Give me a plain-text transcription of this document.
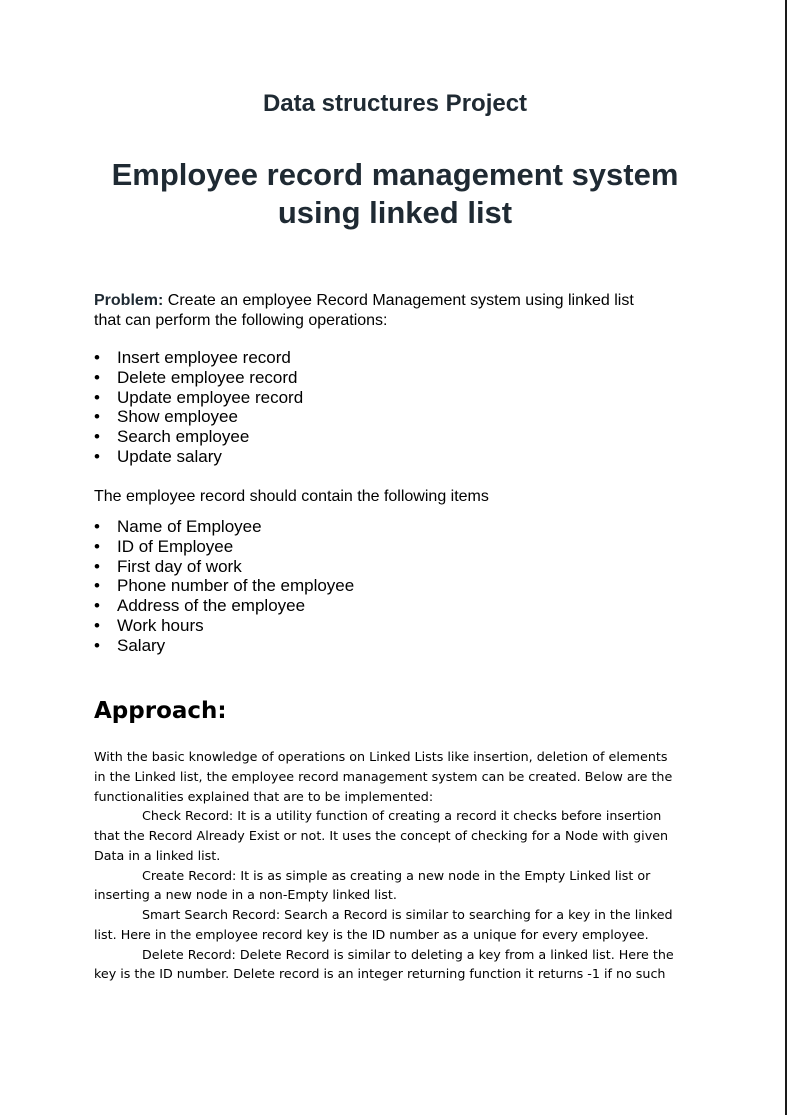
Data structures Project
Employee record management system
using linked list

Problem: Create an employee Record Management system using linked list
that can perform the following operations:

• Insert employee record
• Delete employee record
• Update employee record
• Show employee
• Search employee
• Update salary

The employee record should contain the following items

• Name of Employee
• ID of Employee
• First day of work
• Phone number of the employee
• Address of the employee
• Work hours
• Salary
Approach:

With the basic knowledge of operations on Linked Lists like insertion, deletion of elements
in the Linked list, the employee record management system can be created. Below are the
functionalities explained that are to be implemented:
Check Record: It is a utility function of creating a record it checks before insertion
that the Record Already Exist or not. It uses the concept of checking for a Node with given
Data in a linked list.
Create Record: It is as simple as creating a new node in the Empty Linked list or
inserting a new node in a non-Empty linked list.
Smart Search Record: Search a Record is similar to searching for a key in the linked
list. Here in the employee record key is the ID number as a unique for every employee.
Delete Record: Delete Record is similar to deleting a key from a linked list. Here the
key is the ID number. Delete record is an integer returning function it returns -1 if no such
